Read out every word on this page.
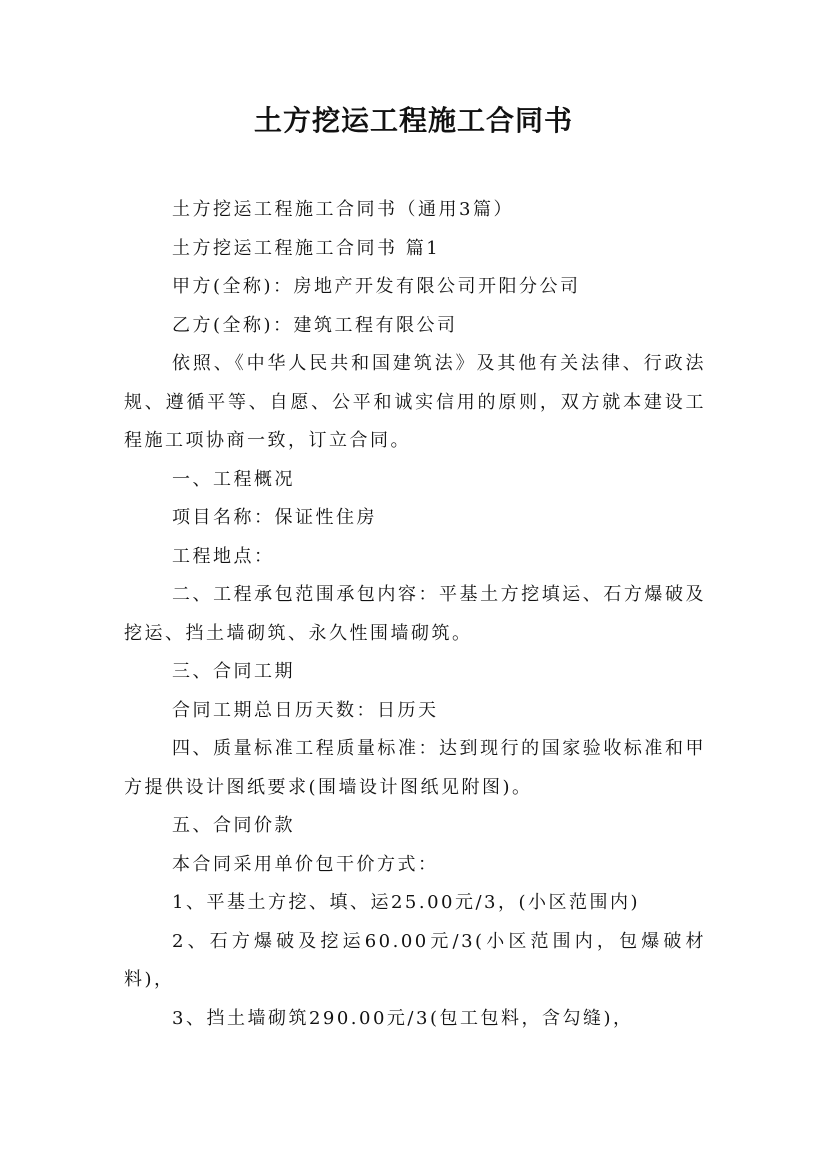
土方挖运工程施工合同书

土方挖运工程施工合同书（通用3篇）

土方挖运工程施工合同书 篇1

甲方(全称)：房地产开发有限公司开阳分公司

乙方(全称)：建筑工程有限公司

依照、《中华人民共和国建筑法》及其他有关法律、行政法规、遵循平等、自愿、公平和诚实信用的原则，双方就本建设工程施工项协商一致，订立合同。

一、工程概况

项目名称：保证性住房

工程地点：

二、工程承包范围承包内容：平基土方挖填运、石方爆破及挖运、挡土墙砌筑、永久性围墙砌筑。

三、合同工期

合同工期总日历天数：日历天

四、质量标准工程质量标准：达到现行的国家验收标准和甲方提供设计图纸要求(围墙设计图纸见附图)。

五、合同价款

本合同采用单价包干价方式：

1、平基土方挖、填、运25.00元/3，(小区范围内)

2、石方爆破及挖运60.00元/3(小区范围内，包爆破材料)，

3、挡土墙砌筑290.00元/3(包工包料，含勾缝)，
